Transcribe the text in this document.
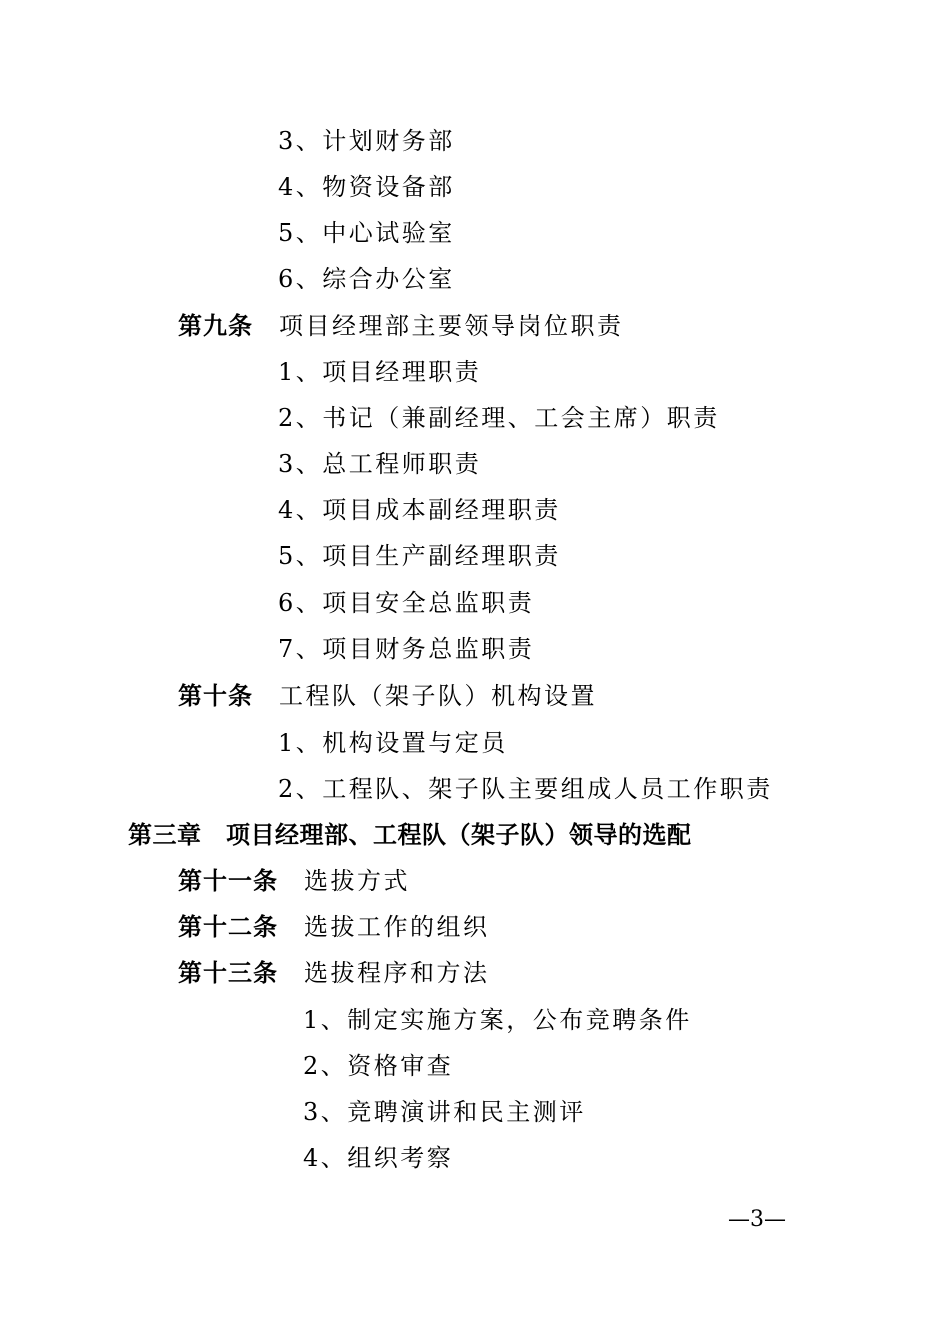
3、计划财务部
4、物资设备部
5、中心试验室
6、综合办公室
第九条 项目经理部主要领导岗位职责
1、项目经理职责
2、书记（兼副经理、工会主席）职责
3、总工程师职责
4、项目成本副经理职责
5、项目生产副经理职责
6、项目安全总监职责
7、项目财务总监职责
第十条 工程队（架子队）机构设置
1、机构设置与定员
2、工程队、架子队主要组成人员工作职责
第三章　项目经理部、工程队（架子队）领导的选配
第十一条 选拔方式
第十二条 选拔工作的组织
第十三条 选拔程序和方法
1、制定实施方案，公布竞聘条件
2、资格审查
3、竞聘演讲和民主测评
4、组织考察
—3—
